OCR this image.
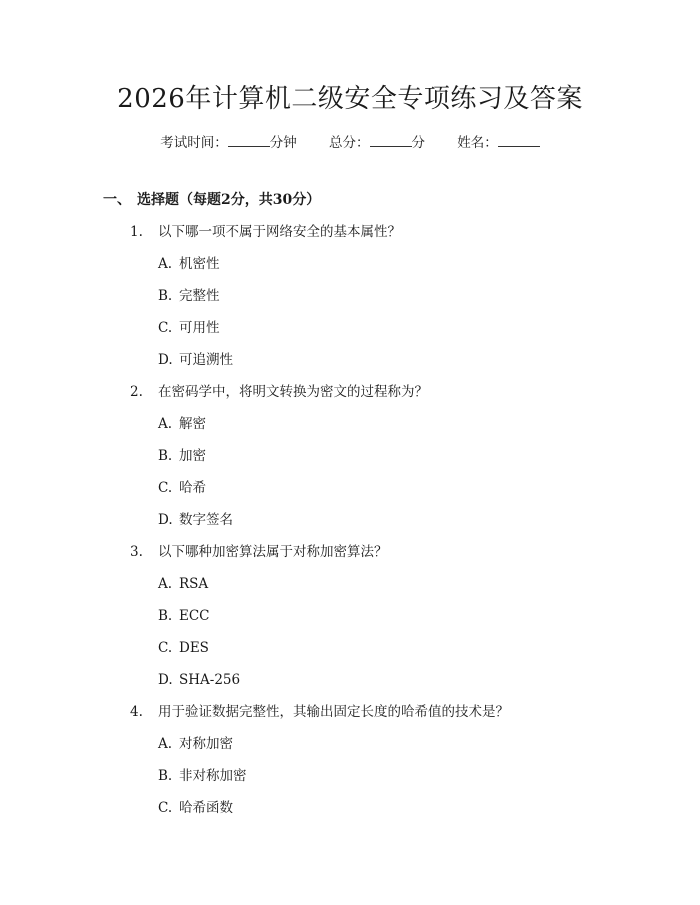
2026年计算机二级安全专项练习及答案
考试时间：	分钟 总分：	分 姓名：
一、 选择题（每题2分，共30分）
1. 以下哪一项不属于网络安全的基本属性？
A. 机密性
B. 完整性
C. 可用性
D. 可追溯性
2. 在密码学中，将明文转换为密文的过程称为？
A. 解密
B. 加密
C. 哈希
D. 数字签名
3. 以下哪种加密算法属于对称加密算法？
A. RSA
B. ECC
C. DES
D. SHA-256
4. 用于验证数据完整性，其输出固定长度的哈希值的技术是？
A. 对称加密
B. 非对称加密
C. 哈希函数
